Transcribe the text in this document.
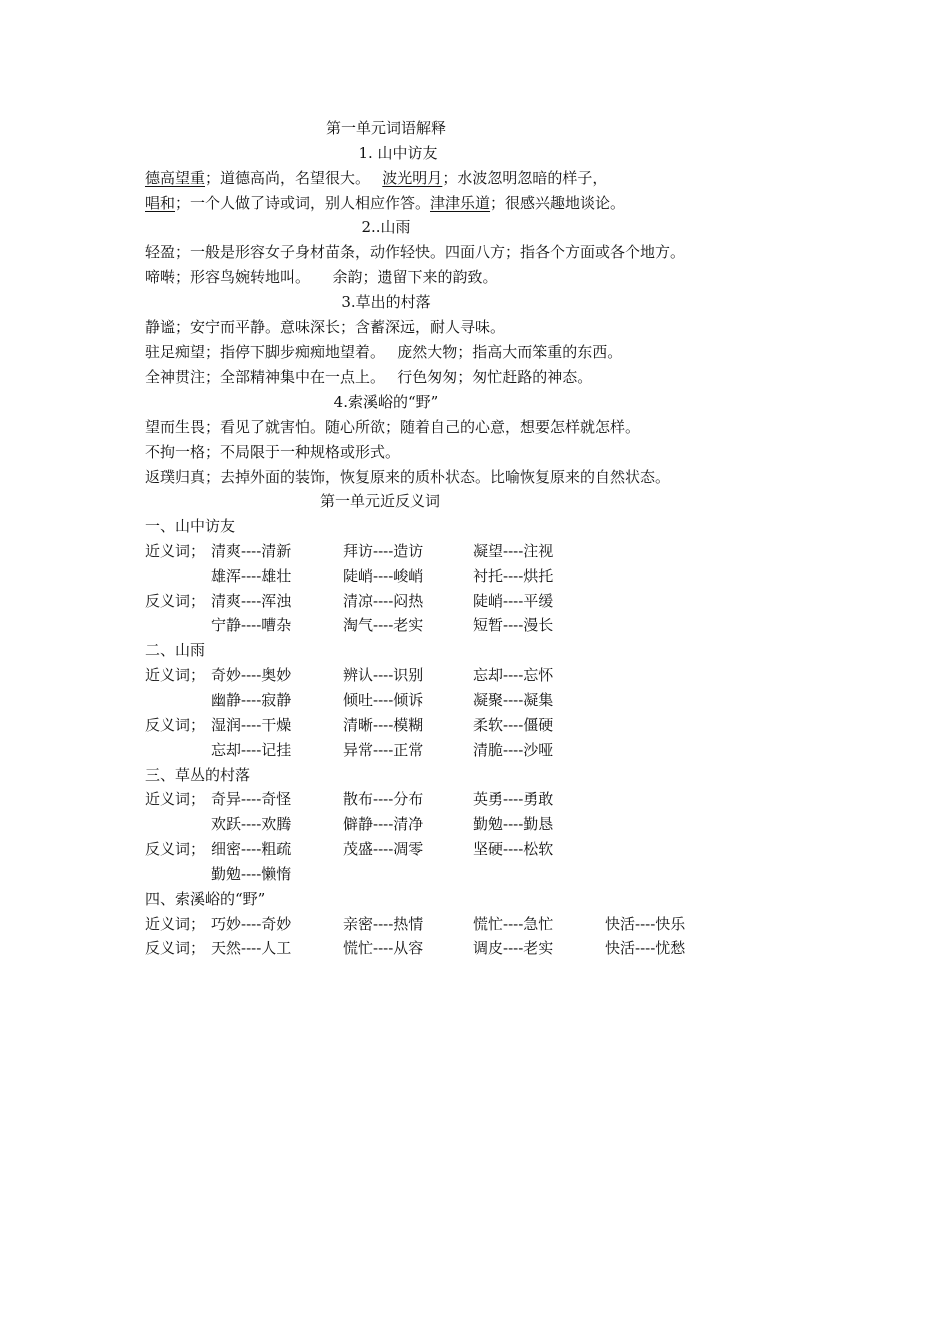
第一单元词语解释
1. 山中访友
德高望重；道德高尚，名望很大。　 波光明月；水波忽明忽暗的样子，
唱和；一个人做了诗或词，别人相应作答。津津乐道；很感兴趣地谈论。
2..山雨
轻盈；一般是形容女子身材苗条，动作轻快。四面八方；指各个方面或各个地方。
啼啭；形容鸟婉转地叫。　　余韵；遗留下来的韵致。
3.草出的村落
静谧；安宁而平静。意味深长；含蓄深远，耐人寻味。
驻足痴望；指停下脚步痴痴地望着。　 庞然大物；指高大而笨重的东西。
全神贯注；全部精神集中在一点上。　 行色匆匆；匆忙赶路的神态。
4.索溪峪的“野”
望而生畏；看见了就害怕。随心所欲；随着自己的心意，想要怎样就怎样。
不拘一格；不局限于一种规格或形式。
返璞归真；去掉外面的装饰，恢复原来的质朴状态。比喻恢复原来的自然状态。
第一单元近反义词
一、山中访友
近义词； 清爽----清新	拜访----造访	凝望----注视
雄浑----雄壮	陡峭----峻峭	衬托----烘托
反义词； 清爽----浑浊	清凉----闷热	陡峭----平缓
宁静----嘈杂	淘气----老实	短暂----漫长
二、山雨
近义词； 奇妙----奥妙	辨认----识别	忘却----忘怀
幽静----寂静	倾吐----倾诉	凝聚----凝集
反义词； 湿润----干燥	清晰----模糊	柔软----僵硬
忘却----记挂	异常----正常	清脆----沙哑
三、草丛的村落
近义词； 奇异----奇怪	散布----分布	英勇----勇敢
欢跃----欢腾	僻静----清净	勤勉----勤恳
反义词； 细密----粗疏	茂盛----凋零	坚硬----松软
勤勉----懒惰
四、索溪峪的“野”
近义词； 巧妙----奇妙	亲密----热情	慌忙----急忙	快活----快乐
反义词； 天然----人工	慌忙----从容	调皮----老实	快活----忧愁
